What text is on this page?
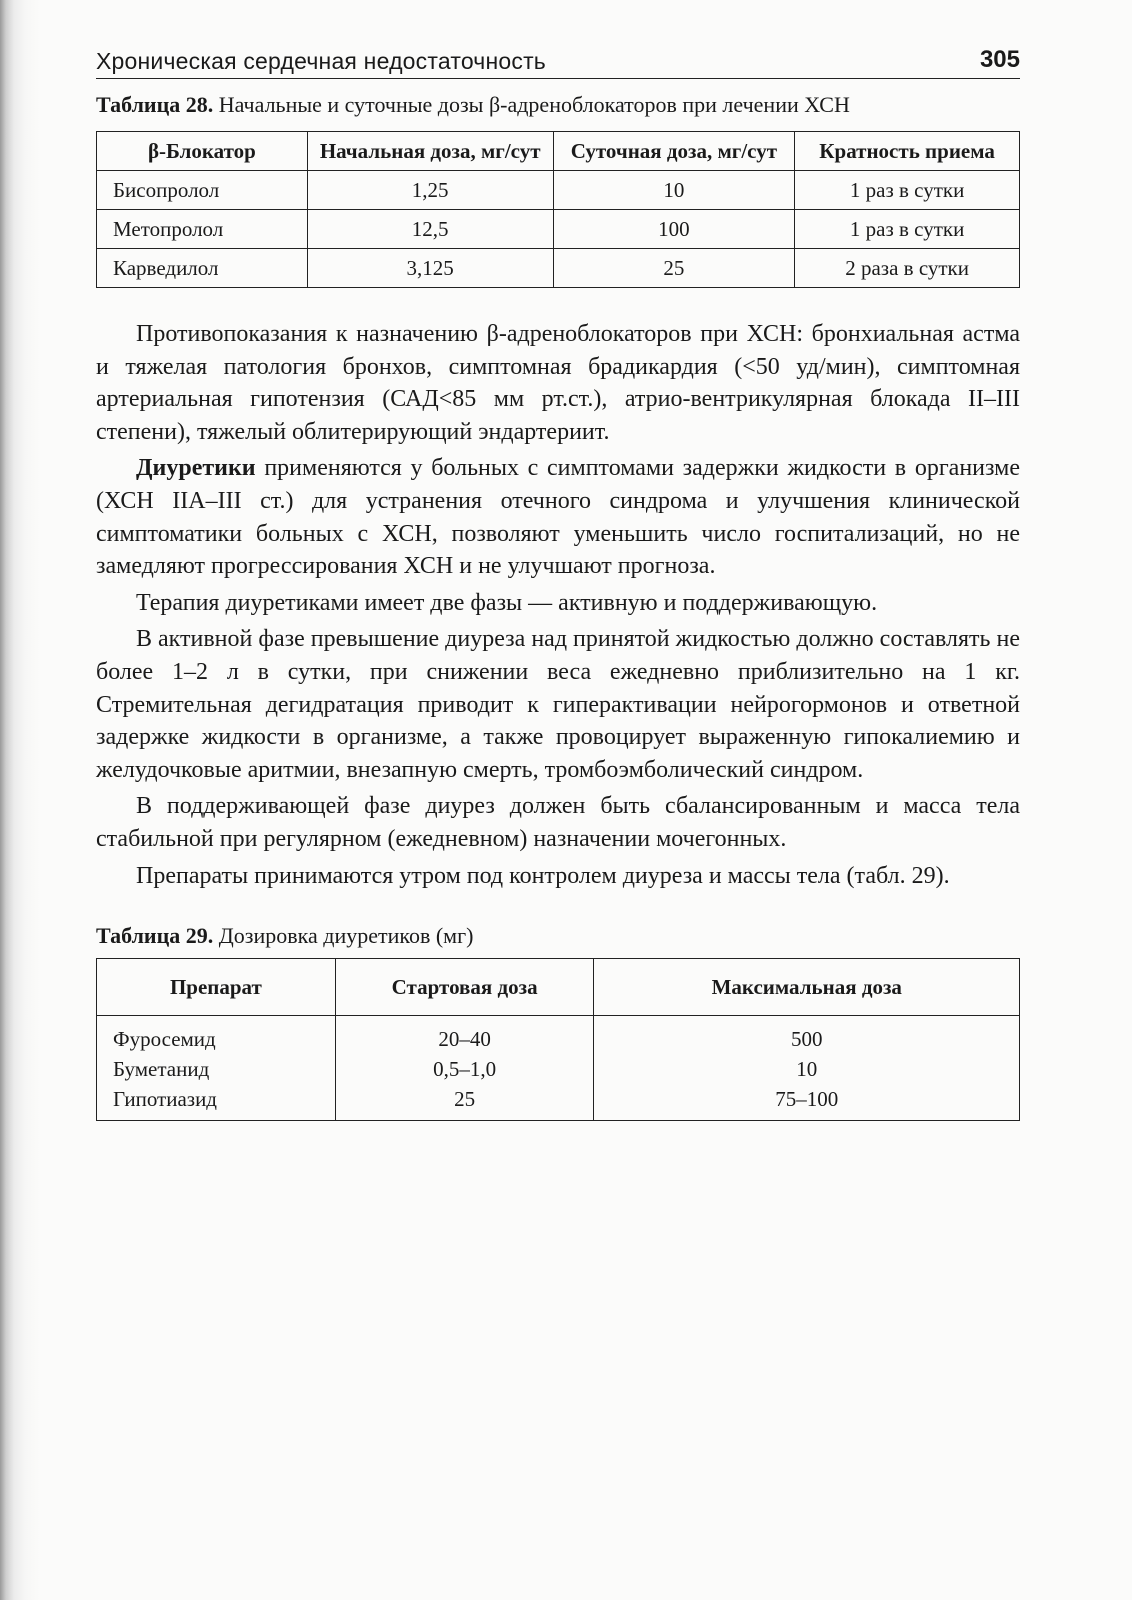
Хроническая сердечная недостаточность	305
Таблица 28. Начальные и суточные дозы β-адреноблокаторов при лечении ХСН
β-Блокатор	Начальная доза, мг/сут	Суточная доза, мг/сут	Кратность приема
Бисопролол	1,25	10	1 раз в сутки
Метопролол	12,5	100	1 раз в сутки
Карведилол	3,125	25	2 раза в сутки

Противопоказания к назначению β-адреноблокаторов при ХСН: бронхиальная астма и тяжелая патология бронхов, симптомная брадикардия (<50 уд/мин), симптомная артериальная гипотензия (САД<85 мм рт.ст.), атрио-вентрикулярная блокада II–III степени), тяжелый облитерирующий эндартериит.

Диуретики применяются у больных с симптомами задержки жидкости в организме (ХСН IIА–III ст.) для устранения отечного синдрома и улучшения клинической симптоматики больных с ХСН, позволяют уменьшить число госпитализаций, но не замедляют прогрессирования ХСН и не улучшают прогноза.

Терапия диуретиками имеет две фазы — активную и поддерживающую.

В активной фазе превышение диуреза над принятой жидкостью должно составлять не более 1–2 л в сутки, при снижении веса ежедневно приблизительно на 1 кг. Стремительная дегидратация приводит к гиперактивации нейрогормонов и ответной задержке жидкости в организме, а также провоцирует выраженную гипокалиемию и желудочковые аритмии, внезапную смерть, тромбоэмболический синдром.

В поддерживающей фазе диурез должен быть сбалансированным и масса тела стабильной при регулярном (ежедневном) назначении мочегонных.

Препараты принимаются утром под контролем диуреза и массы тела (табл. 29).

Таблица 29. Дозировка диуретиков (мг)
Препарат	Стартовая доза	Максимальная доза
Фуросемид	20–40	500
Буметанид	0,5–1,0	10
Гипотиазид	25	75–100
